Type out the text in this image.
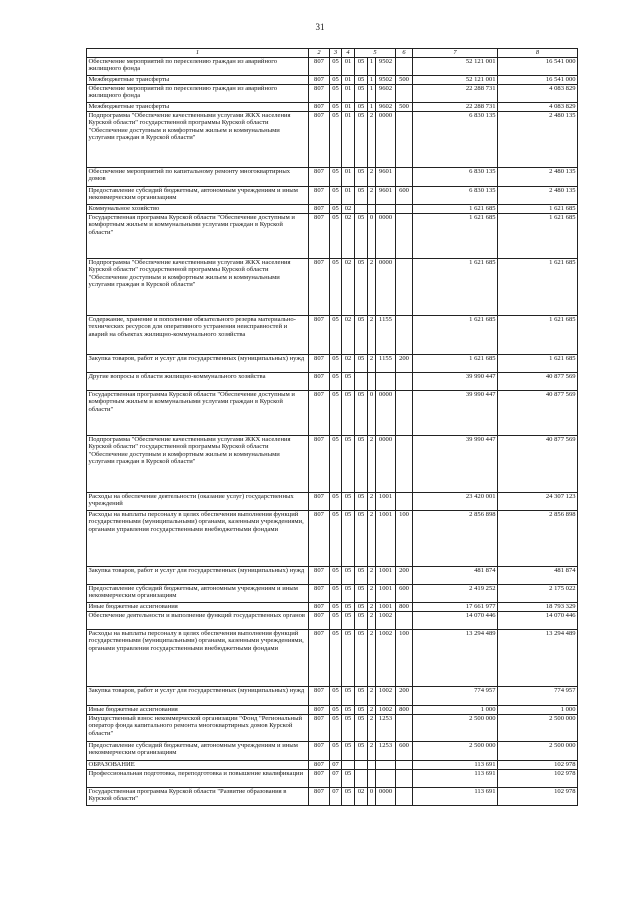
31
1	2	3	4	5			6	7	8
Обеспечение мероприятий по переселению граждан из аварийного жилищного фонда	807	05	01	05	1	9502		52 121 001	16 541 000
Межбюджетные трансферты	807	05	01	05	1	9502	500	52 121 001	16 541 000
Обеспечение мероприятий по переселению граждан из аварийного жилищного фонда	807	05	01	05	1	9602		22 288 731	4 083 829
Межбюджетные трансферты	807	05	01	05	1	9602	500	22 288 731	4 083 829
Подпрограмма "Обеспечение качественными услугами ЖКХ населения Курской области" государственной программы Курской области "Обеспечение доступным и комфортным жильем и коммунальными услугами граждан в Курской области"	807	05	01	05	2	0000		6 830 135	2 480 135
Обеспечение мероприятий по капитальному ремонту многоквартирных домов	807	05	01	05	2	9601		6 830 135	2 480 135
Предоставление субсидий бюджетным, автономным учреждениям и иным некоммерческим организациям	807	05	01	05	2	9601	600	6 830 135	2 480 135
Коммунальное хозяйство	807	05	02					1 621 685	1 621 685
Государственная программа Курской области "Обеспечение доступным и комфортным жильем и коммунальными услугами граждан в Курской области"	807	05	02	05	0	0000		1 621 685	1 621 685
Подпрограмма "Обеспечение качественными услугами ЖКХ населения Курской области" государственной программы Курской области "Обеспечение доступным и комфортным жильем и коммунальными услугами граждан в Курской области"	807	05	02	05	2	0000		1 621 685	1 621 685
Содержание, хранение и пополнение обязательного резерва материально-технических ресурсов для оперативного устранения неисправностей и аварий на объектах жилищно-коммунального хозяйства	807	05	02	05	2	1155		1 621 685	1 621 685
Закупка товаров, работ и услуг для государственных (муниципальных) нужд	807	05	02	05	2	1155	200	1 621 685	1 621 685
Другие вопросы в области жилищно-коммунального хозяйства	807	05	05					39 990 447	40 877 569
Государственная программа Курской области "Обеспечение доступным и комфортным жильем и коммунальными услугами граждан в Курской области"	807	05	05	05	0	0000		39 990 447	40 877 569
Подпрограмма "Обеспечение качественными услугами ЖКХ населения Курской области" государственной программы Курской области "Обеспечение доступным и комфортным жильем и коммунальными услугами граждан в Курской области"	807	05	05	05	2	0000		39 990 447	40 877 569
Расходы на обеспечение деятельности (оказание услуг) государственных учреждений	807	05	05	05	2	1001		23 420 001	24 307 123
Расходы на выплаты персоналу в целях обеспечения выполнения функций государственными (муниципальными) органами, казенными учреждениями, органами управления государственными внебюджетными фондами	807	05	05	05	2	1001	100	2 856 898	2 856 898
Закупка товаров, работ и услуг для государственных (муниципальных) нужд	807	05	05	05	2	1001	200	481 874	481 874
Предоставление субсидий бюджетным, автономным учреждениям и иным некоммерческим организациям	807	05	05	05	2	1001	600	2 419 252	2 175 022
Иные бюджетные ассигнования	807	05	05	05	2	1001	800	17 661 977	18 793 329
Обеспечение деятельности и выполнение функций государственных органов	807	05	05	05	2	1002		14 070 446	14 070 446
Расходы на выплаты персоналу в целях обеспечения выполнения функций государственными (муниципальными) органами, казенными учреждениями, органами управления государственными внебюджетными фондами	807	05	05	05	2	1002	100	13 294 489	13 294 489
Закупка товаров, работ и услуг для государственных (муниципальных) нужд	807	05	05	05	2	1002	200	774 957	774 957
Иные бюджетные ассигнования	807	05	05	05	2	1002	800	1 000	1 000
Имущественный взнос некоммерческой организации "Фонд "Региональный оператор фонда капитального ремонта многоквартирных домов Курской области"	807	05	05	05	2	1253		2 500 000	2 500 000
Предоставление субсидий бюджетным, автономным учреждениям и иным некоммерческим организациям	807	05	05	05	2	1253	600	2 500 000	2 500 000
ОБРАЗОВАНИЕ	807	07						113 691	102 978
Профессиональная подготовка, переподготовка и повышение квалификации	807	07	05					113 691	102 978
Государственная программа Курской области "Развитие образования в Курской области"	807	07	05	02	0	0000		113 691	102 978
